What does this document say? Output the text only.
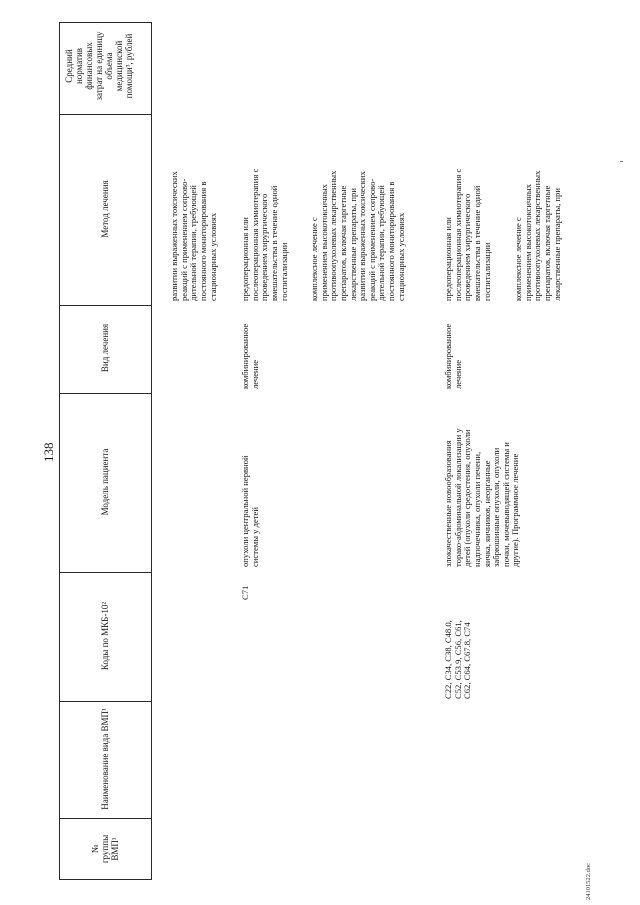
№
группы
ВМП¹
Наименование вида ВМП¹
Коды по МКБ-10²
Модель пациента
Вид лечения
Метод лечения
Средний
норматив
финансовых
затрат на единицу
объема
медицинской
помощи³, рублей
138
развитии выраженных токсических
реакций с применением сопрово-
дительной терапии, требующей
постоянного мониторирования в
стационарных условиях
C71
опухоли центральной нервной
системы у детей
комбинированное
лечение
предоперационная или
послеоперационная химиотерапия с
проведением хирургического
вмешательства в течение одной
госпитализации комплексное лечение с
применением высокотоксичных
противоопухолевых лекарственных
препаратов, включая таргетные
лекарственные препараты, при
развитии выраженных токсических
реакций с применением сопрово-
дительной терапии, требующей
постоянного мониторирования в
стационарных условиях
C22, C34, C38, C48.0,
C52, C53.9, C56, C61,
C62, C64, C67.8, C74
злокачественные новообразования
торако-абдоминальной локализации у
детей (опухоли средостения, опухоли
надпочечника, опухоли печени,
яичка, яичников, неорганные
забрюшинные опухоли, опухоли
почки, мочевыводящей системы и
другие). Программное лечение
комбинированное
лечение
предоперационная или
послеоперационная химиотерапия с
проведением хирургического
вмешательства в течение одной
госпитализации	комплексное лечение с
применением высокотоксичных
противоопухолевых лекарственных
препаратов, включая таргетные
лекарственные препараты, при
24101522.doc
